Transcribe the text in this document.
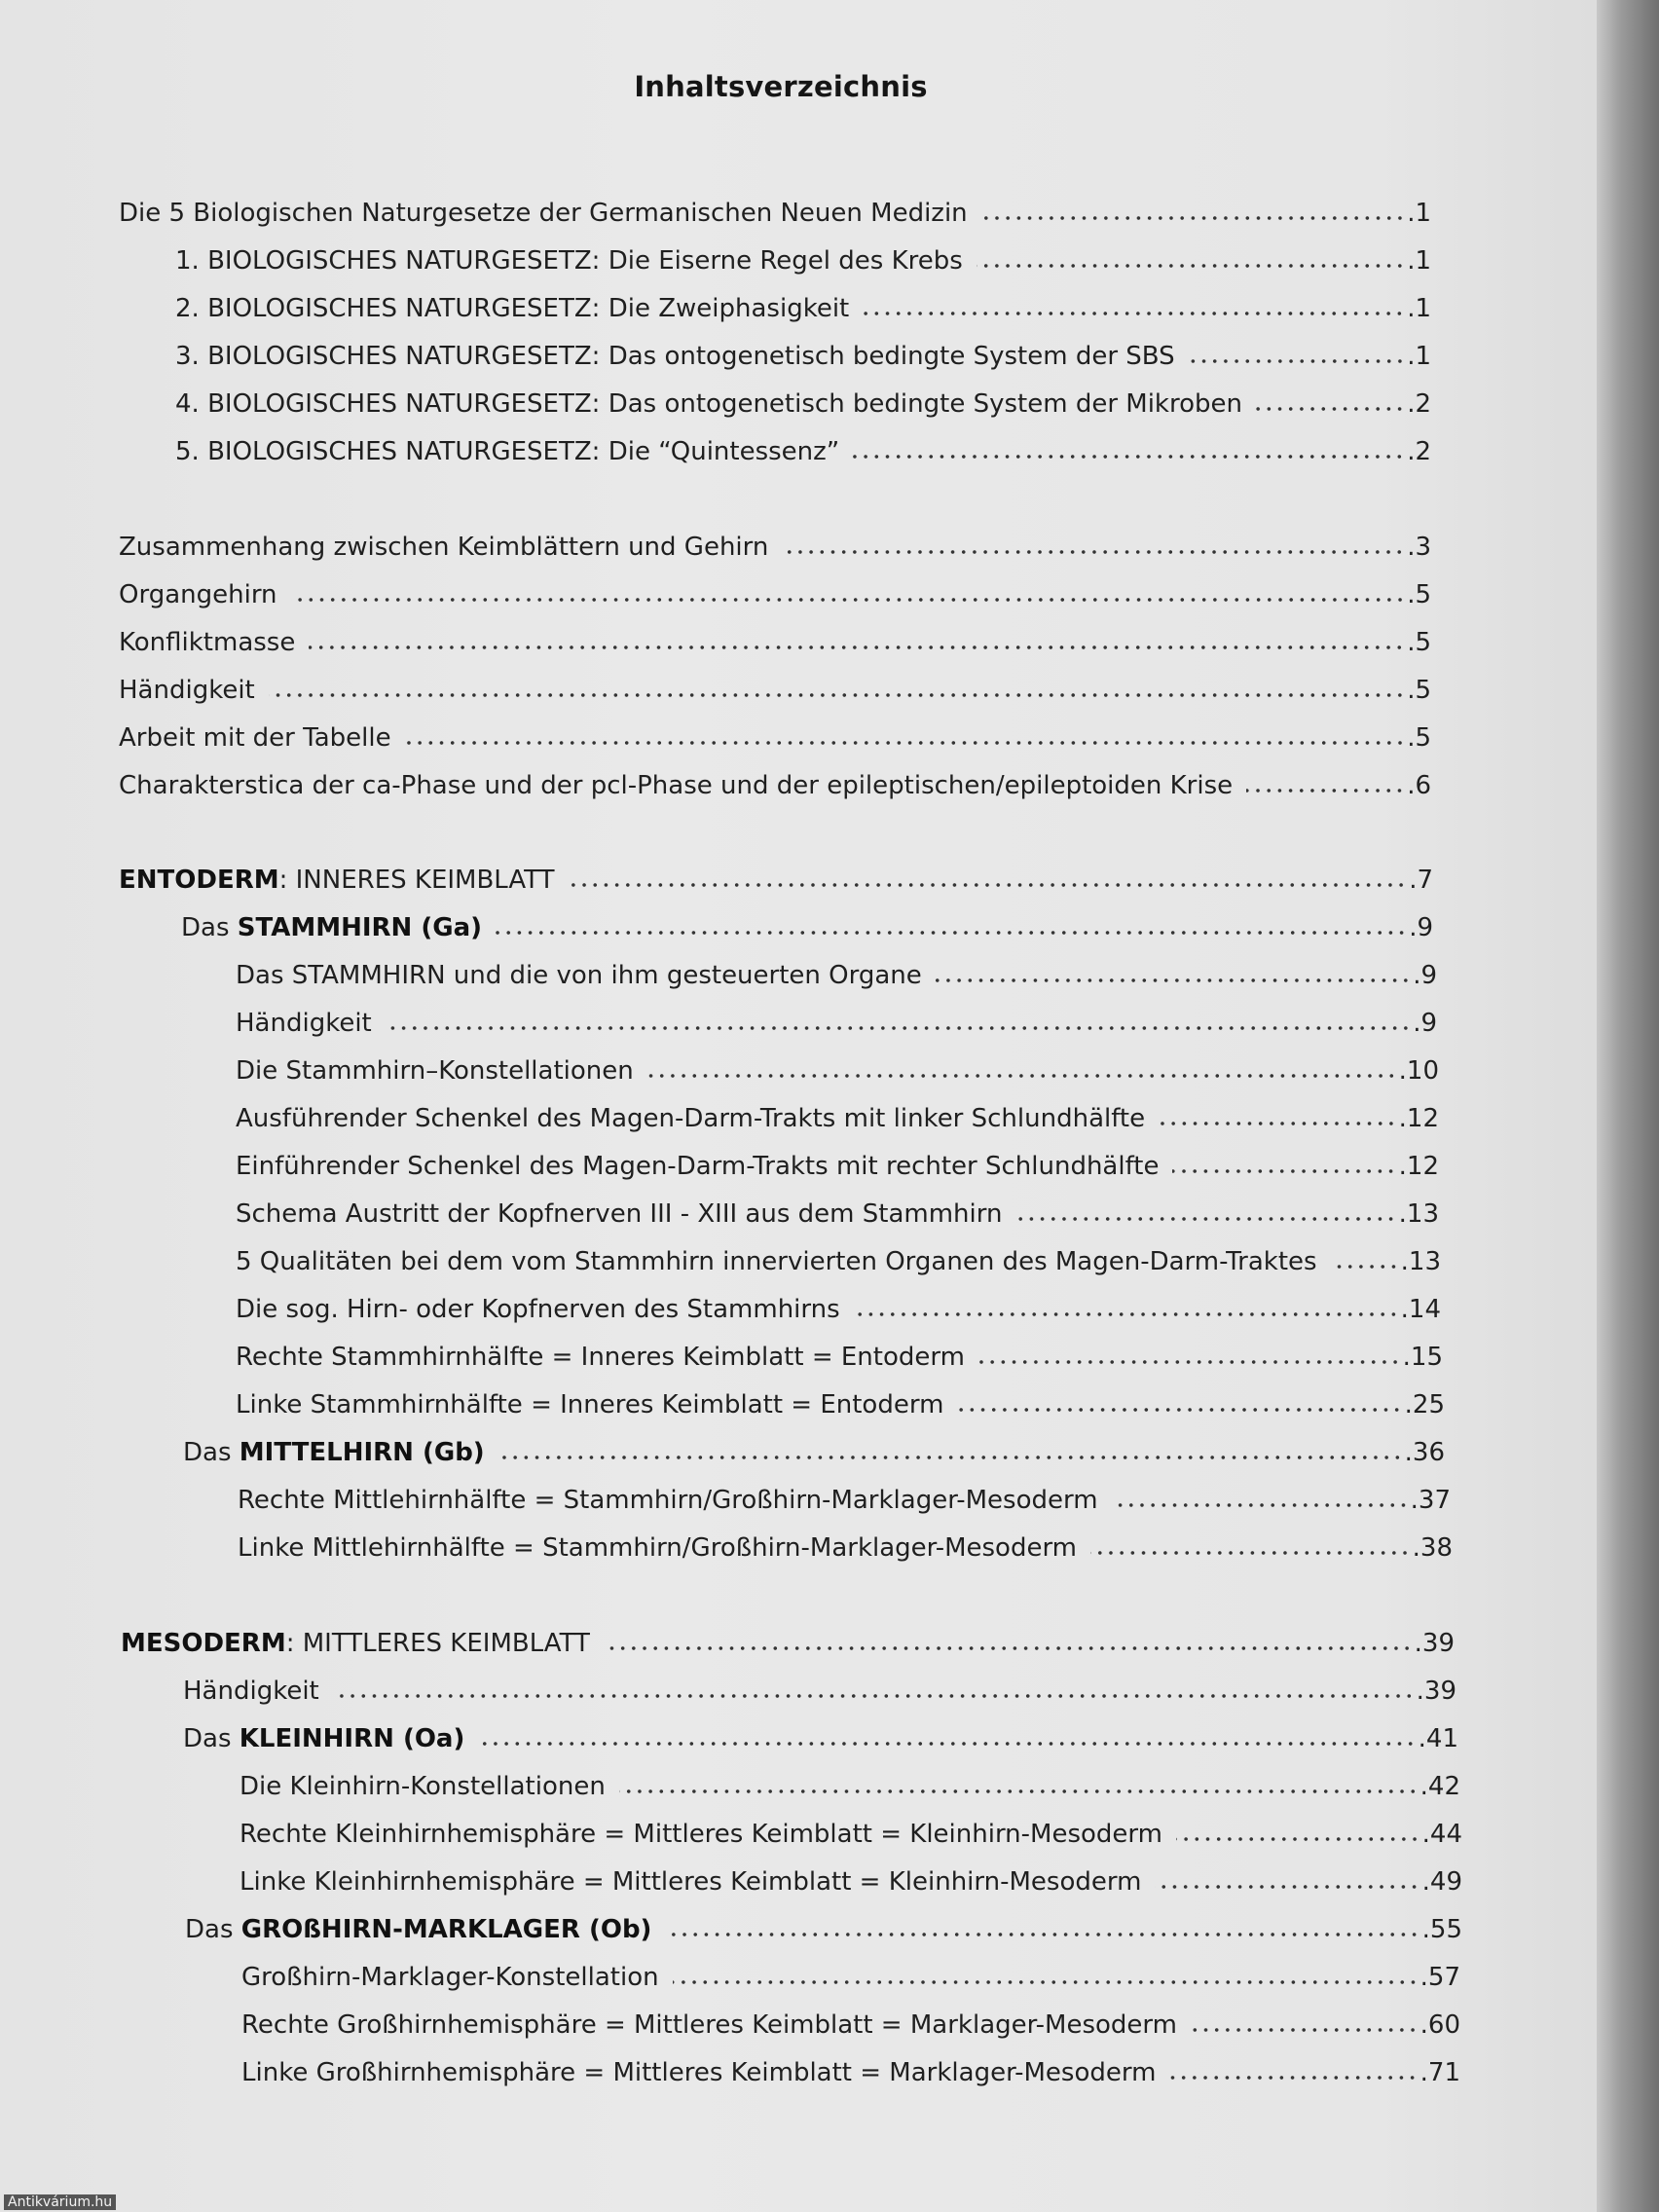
Inhaltsverzeichnis
Die 5 Biologischen Naturgesetze der Germanischen Neuen Medizin	.1
1. BIOLOGISCHES NATURGESETZ: Die Eiserne Regel des Krebs	.1
2. BIOLOGISCHES NATURGESETZ: Die Zweiphasigkeit	.1
3. BIOLOGISCHES NATURGESETZ: Das ontogenetisch bedingte System der SBS	.1
4. BIOLOGISCHES NATURGESETZ: Das ontogenetisch bedingte System der Mikroben	.2
5. BIOLOGISCHES NATURGESETZ: Die “Quintessenz”	.2
Zusammenhang zwischen Keimblättern und Gehirn	.3
Organgehirn	.5
Konfliktmasse	.5
Händigkeit	.5
Arbeit mit der Tabelle	.5
Charakterstica der ca-Phase und der pcl-Phase und der epileptischen/epileptoiden Krise	.6
ENTODERM: INNERES KEIMBLATT	.7
Das STAMMHIRN (Ga)	.9
Das STAMMHIRN und die von ihm gesteuerten Organe	.9
Händigkeit	.9
Die Stammhirn–Konstellationen	.10
Ausführender Schenkel des Magen-Darm-Trakts mit linker Schlundhälfte	.12
Einführender Schenkel des Magen-Darm-Trakts mit rechter Schlundhälfte	.12
Schema Austritt der Kopfnerven III - XIII aus dem Stammhirn	.13
5 Qualitäten bei dem vom Stammhirn innervierten Organen des Magen-Darm-Traktes	.13
Die sog. Hirn- oder Kopfnerven des Stammhirns	.14
Rechte Stammhirnhälfte = Inneres Keimblatt = Entoderm	.15
Linke Stammhirnhälfte = Inneres Keimblatt = Entoderm	.25
Das MITTELHIRN (Gb)	.36
Rechte Mittlehirnhälfte = Stammhirn/Großhirn-Marklager-Mesoderm	.37
Linke Mittlehirnhälfte = Stammhirn/Großhirn-Marklager-Mesoderm	.38
MESODERM: MITTLERES KEIMBLATT	.39
Händigkeit	.39
Das KLEINHIRN (Oa)	.41
Die Kleinhirn-Konstellationen	.42
Rechte Kleinhirnhemisphäre = Mittleres Keimblatt = Kleinhirn-Mesoderm	.44
Linke Kleinhirnhemisphäre = Mittleres Keimblatt = Kleinhirn-Mesoderm	.49
Das GROßHIRN-MARKLAGER (Ob)	.55
Großhirn-Marklager-Konstellation	.57
Rechte Großhirnhemisphäre = Mittleres Keimblatt = Marklager-Mesoderm	.60
Linke Großhirnhemisphäre = Mittleres Keimblatt = Marklager-Mesoderm	.71
Antikvárium.hu
